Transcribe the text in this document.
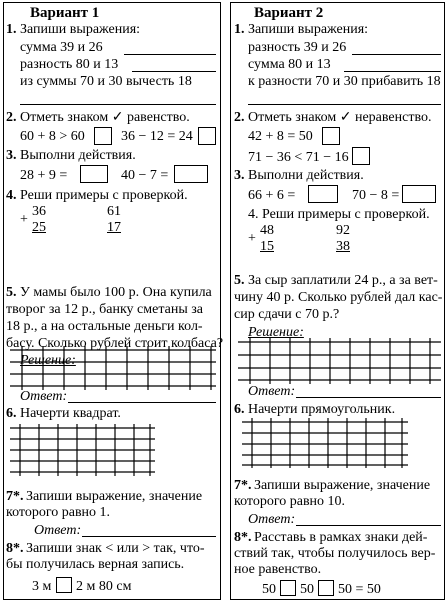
Вариант 1
1. Запиши выражения:
сумма 39 и 26
разность 80 и 13
из суммы 70 и 30 вычесть 18
2. Отметь знаком ✓ равенство.
60 + 8 > 60	36 − 12 = 24
3. Выполни действия.
28 + 9 =	40 − 7 =
4. Реши примеры с проверкой.
+
36
25
61
17
5. У мамы было 100 р. Она купила
творог за 12 р., банку сметаны за
18 р., а на остальные деньги кол-
басу. Сколько рублей стоит колбаса?
Решение:
Ответ:
6. Начерти квадрат.
7*. Запиши выражение, значение
которого равно 1.
Ответ:
8*. Запиши знак < или > так, что-
бы получилась верная запись.
3 м 2 м 80 см
Вариант 2
1. Запиши выражения:
разность 39 и 26
сумма 80 и 13
к разности 70 и 30 прибавить 18
2. Отметь знаком ✓ неравенство.
42 + 8 = 50
71 − 36 < 71 − 16
3. Выполни действия.
66 + 6 =	70 − 8 =
4. Реши примеры с проверкой.
+
48
15
92
38
5. За сыр заплатили 24 р., а за вет-
чину 40 р. Сколько рублей дал кас-
сир сдачи с 70 р.?
Решение:
Ответ:
6. Начерти прямоугольник.
7*. Запиши выражение, значение
которого равно 10.
Ответ:
8*. Расставь в рамках знаки дей-
ствий так, чтобы получилось вер-
ное равенство.
50 50 50 = 50
